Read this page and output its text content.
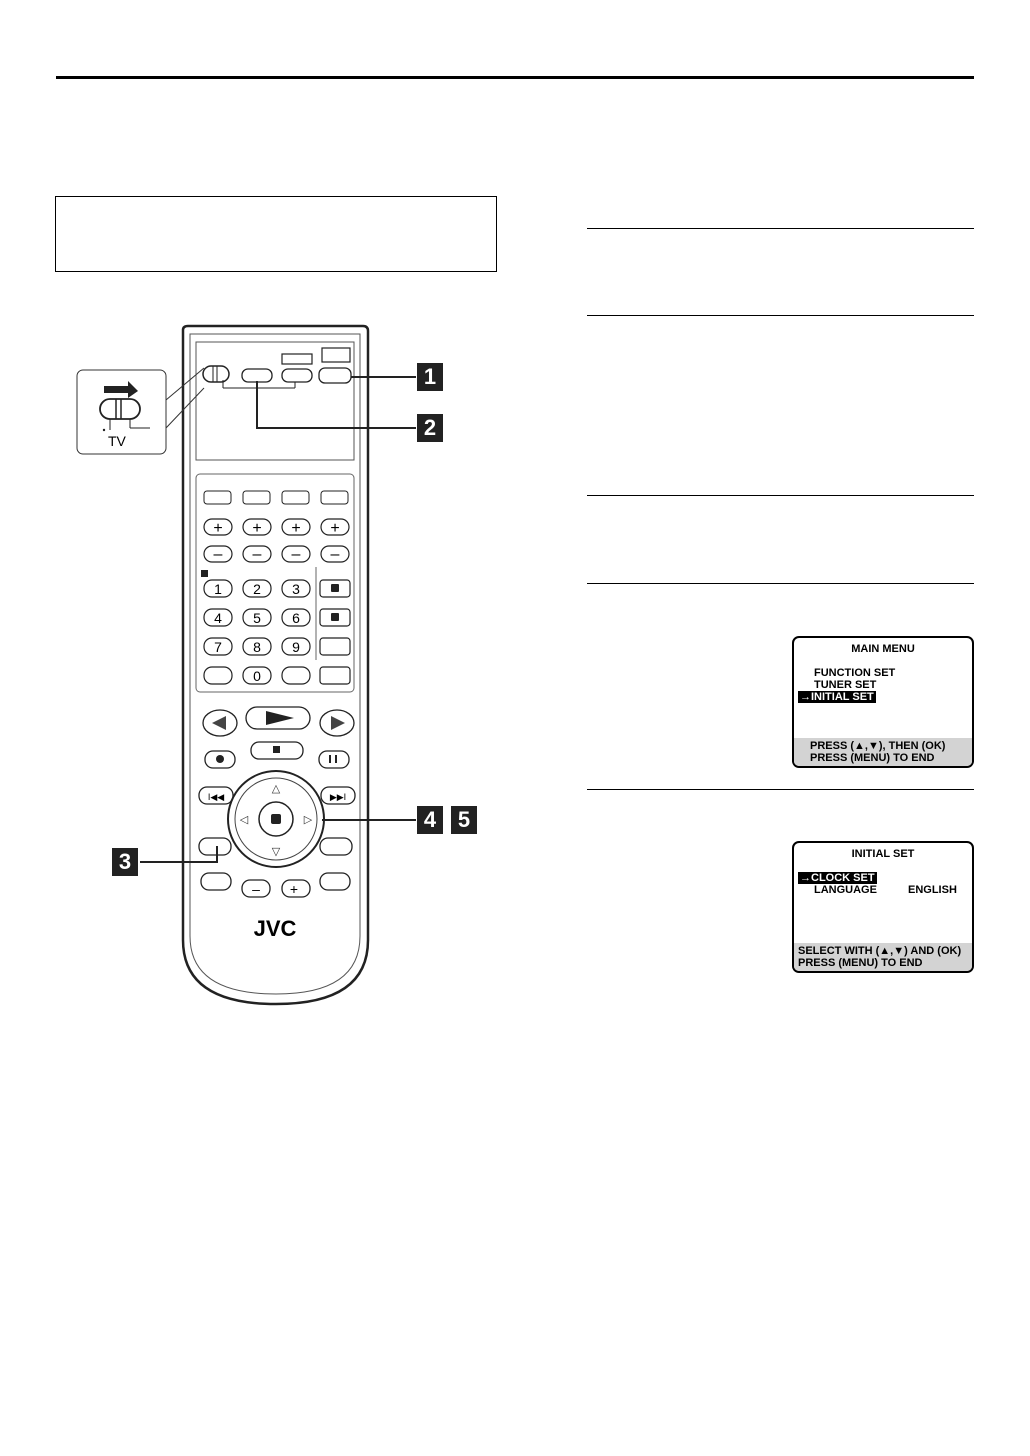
TV
+ + + +
– – – –
1 2 3
4 5 6
7 8 9
0
△
▽
◁	▷
+
–
I◀◀	▶▶I
JVC
1
2
3
4 5
MAIN MENU
FUNCTION SET
TUNER SET
→INITIAL SET
PRESS (▲,▼), THEN (OK)
PRESS (MENU) TO END
INITIAL SET
→CLOCK SET
LANGUAGE	ENGLISH
SELECT WITH (▲,▼) AND (OK)
PRESS (MENU) TO END
